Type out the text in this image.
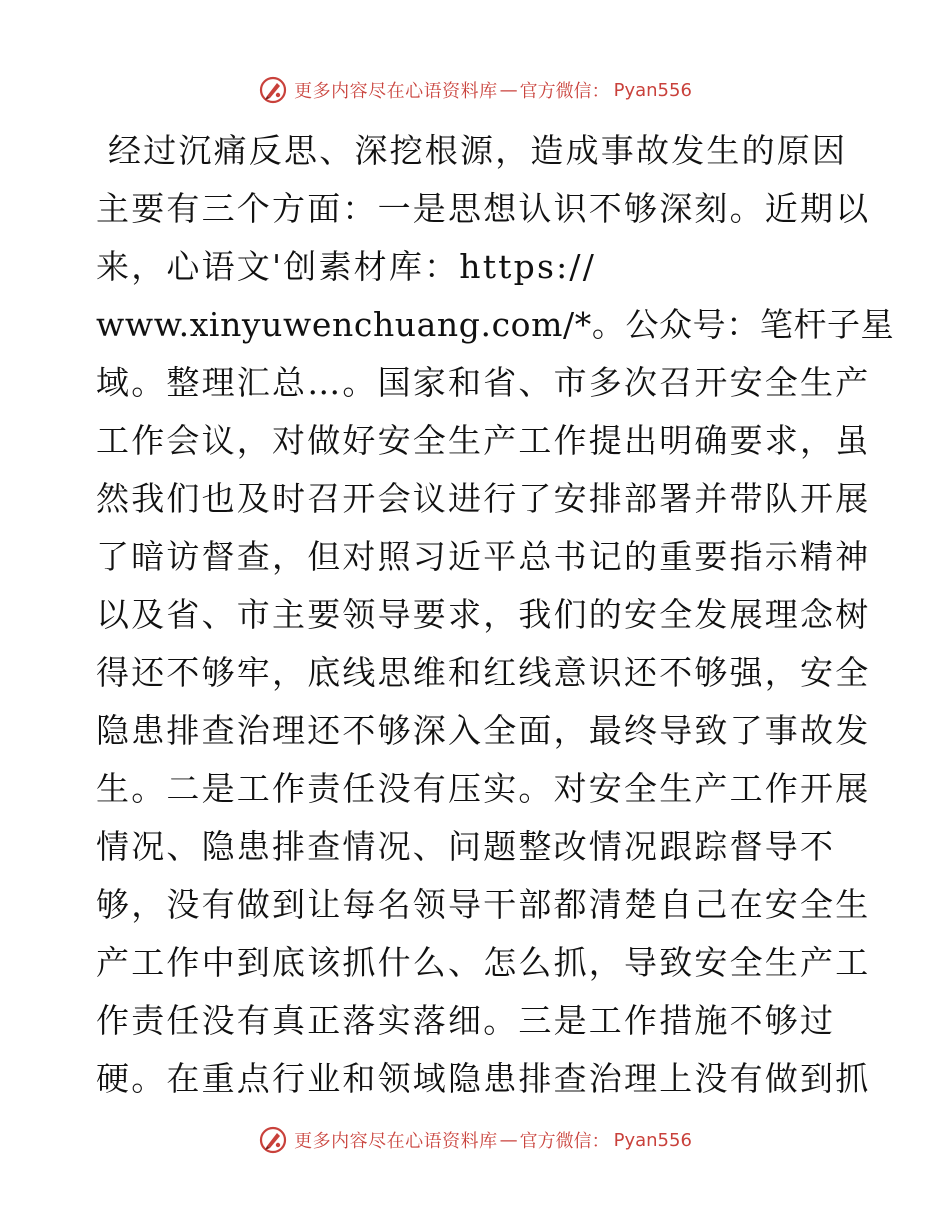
更多内容尽在心语资料库 — 官方微信： Pyan556
经过沉痛反思、深挖根源，造成事故发生的原因
主要有三个方面：一是思想认识不够深刻。近期以
来，心语文'创素材库：https://
www.xinyuwenchuang.com/*。公众号：笔杆子星
域。整理汇总…。国家和省、市多次召开安全生产
工作会议，对做好安全生产工作提出明确要求，虽
然我们也及时召开会议进行了安排部署并带队开展
了暗访督查，但对照习近平总书记的重要指示精神
以及省、市主要领导要求，我们的安全发展理念树
得还不够牢，底线思维和红线意识还不够强，安全
隐患排查治理还不够深入全面，最终导致了事故发
生。二是工作责任没有压实。对安全生产工作开展
情况、隐患排查情况、问题整改情况跟踪督导不
够，没有做到让每名领导干部都清楚自己在安全生
产工作中到底该抓什么、怎么抓，导致安全生产工
作责任没有真正落实落细。三是工作措施不够过
硬。在重点行业和领域隐患排查治理上没有做到抓
更多内容尽在心语资料库 — 官方微信： Pyan556
